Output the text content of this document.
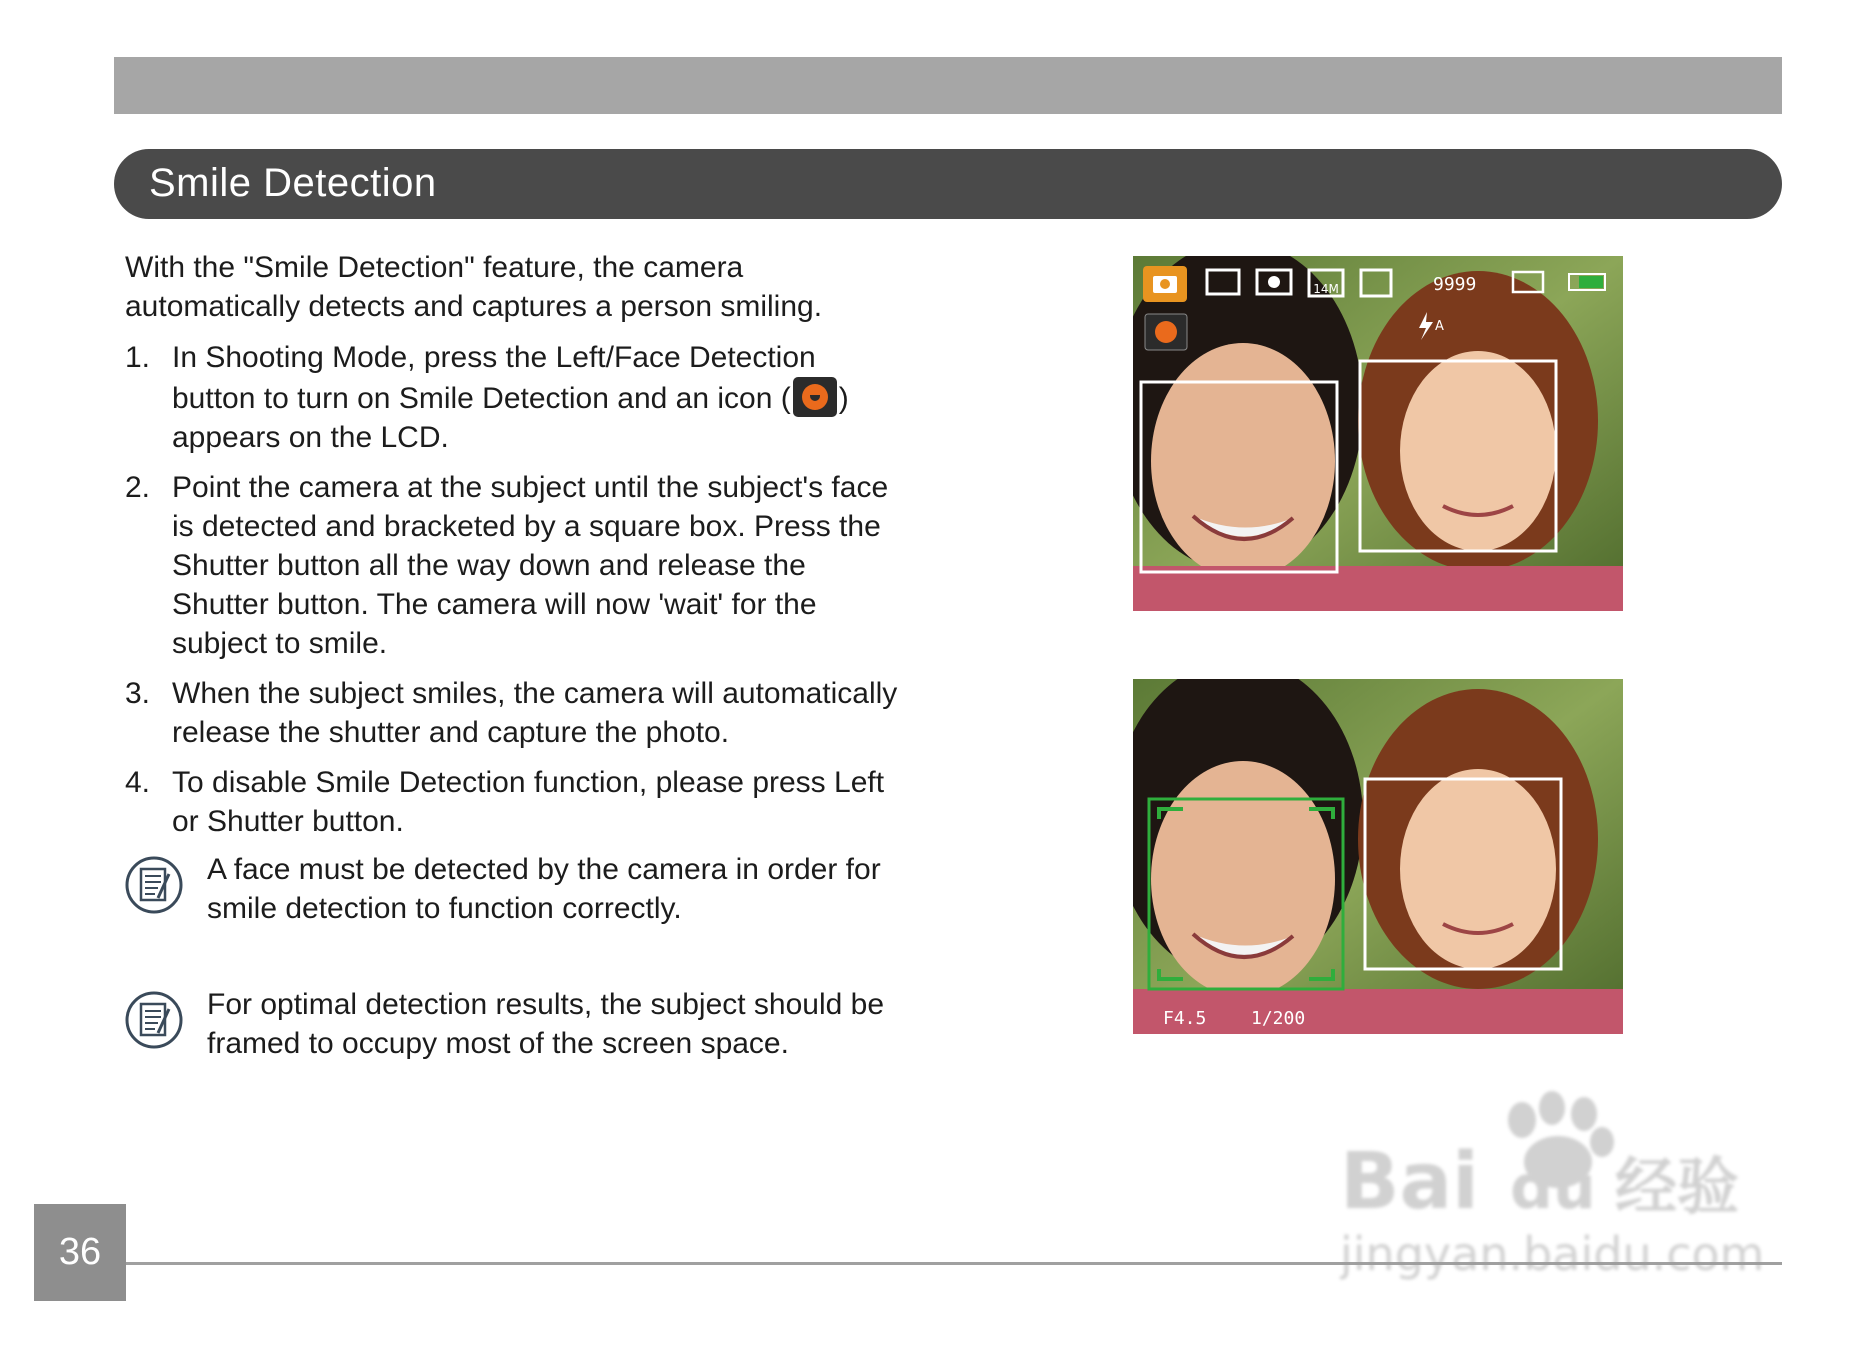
Smile Detection

With the "Smile Detection" feature, the camera automatically detects and captures a person smiling.

1. In Shooting Mode, press the Left/Face Detection button to turn on Smile Detection and an icon ( ) appears on the LCD.
2. Point the camera at the subject until the subject's face is detected and bracketed by a square box. Press the Shutter button all the way down and release the Shutter button. The camera will now 'wait' for the subject to smile.
3. When the subject smiles, the camera will automatically release the shutter and capture the photo.
4. To disable Smile Detection function, please press Left or Shutter button.
A face must be detected by the camera in order for smile detection to function correctly.
For optimal detection results, the subject should be framed to occupy most of the screen space.
14M	9999
A
F4.5 1/200
36
Bai du 经验
jingyan.baidu.com
